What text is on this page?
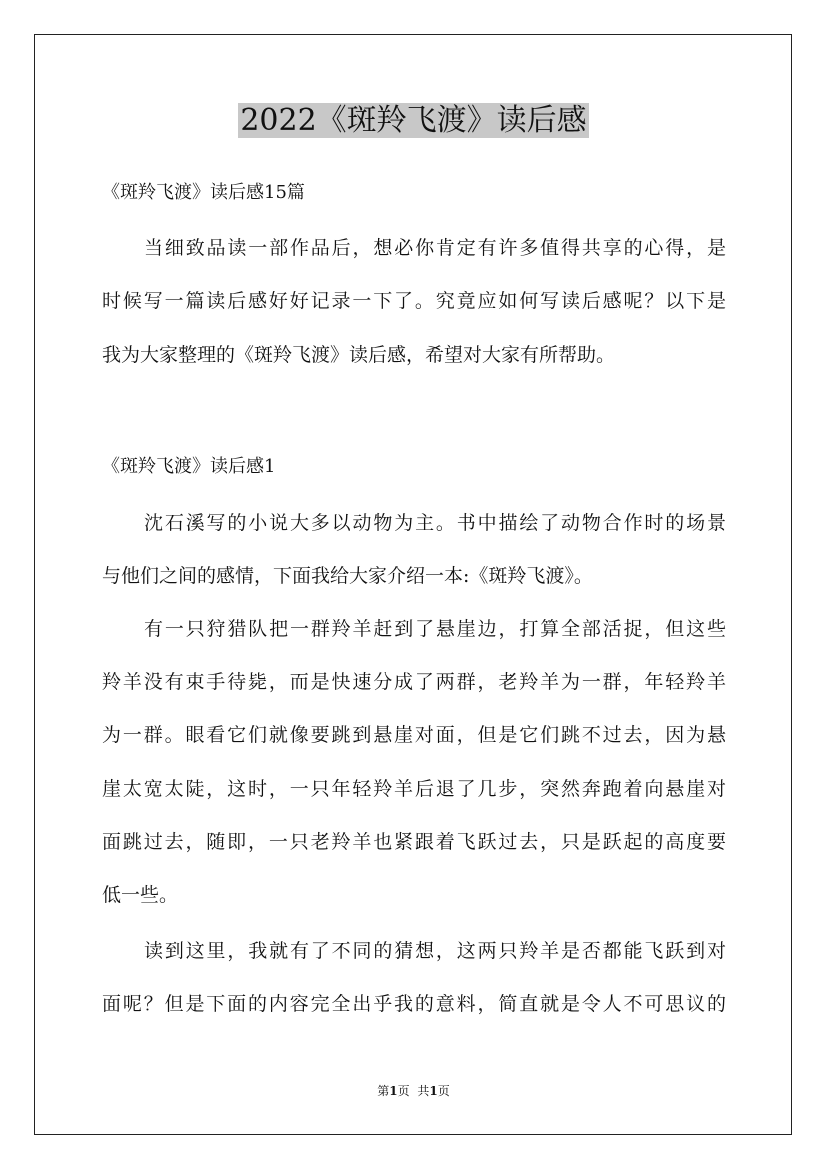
2022《斑羚飞渡》读后感
《斑羚飞渡》读后感15篇
当细致品读一部作品后，想必你肯定有许多值得共享的心得，是
时候写一篇读后感好好记录一下了。究竟应如何写读后感呢？以下是
我为大家整理的《斑羚飞渡》读后感，希望对大家有所帮助。
《斑羚飞渡》读后感1
沈石溪写的小说大多以动物为主。书中描绘了动物合作时的场景
与他们之间的感情，下面我给大家介绍一本:《斑羚飞渡》。
有一只狩猎队把一群羚羊赶到了悬崖边，打算全部活捉，但这些
羚羊没有束手待毙，而是快速分成了两群，老羚羊为一群，年轻羚羊
为一群。眼看它们就像要跳到悬崖对面，但是它们跳不过去，因为悬
崖太宽太陡，这时，一只年轻羚羊后退了几步，突然奔跑着向悬崖对
面跳过去，随即，一只老羚羊也紧跟着飞跃过去，只是跃起的高度要
低一些。
读到这里，我就有了不同的猜想，这两只羚羊是否都能飞跃到对
面呢？但是下面的内容完全出乎我的意料，简直就是令人不可思议的
第1页 共1页
